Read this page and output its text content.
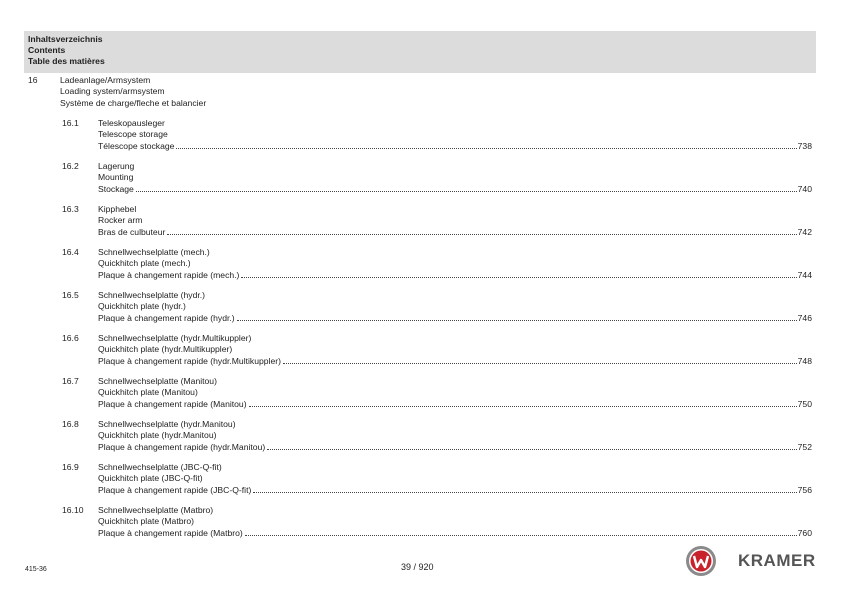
Inhaltsverzeichnis
Contents
Table des matières
16	Ladeanlage/Armsystem
Loading system/armsystem
Système de charge/fleche et balancier
16.1 Teleskopausleger
Telescope storage
Télescope stockage	738
16.2 Lagerung
Mounting
Stockage	740
16.3 Kipphebel
Rocker arm
Bras de culbuteur	742
16.4 Schnellwechselplatte (mech.)
Quickhitch plate (mech.)
Plaque à changement rapide (mech.)	744
16.5 Schnellwechselplatte (hydr.)
Quickhitch plate (hydr.)
Plaque à changement rapide (hydr.)	746
16.6 Schnellwechselplatte (hydr.Multikuppler)
Quickhitch plate (hydr.Multikuppler)
Plaque à changement rapide (hydr.Multikuppler)	748
16.7 Schnellwechselplatte (Manitou)
Quickhitch plate (Manitou)
Plaque à changement rapide (Manitou)	750
16.8 Schnellwechselplatte (hydr.Manitou)
Quickhitch plate (hydr.Manitou)
Plaque à changement rapide (hydr.Manitou)	752
16.9 Schnellwechselplatte (JBC-Q-fit)
Quickhitch plate (JBC-Q-fit)
Plaque à changement rapide (JBC-Q-fit)	756
16.10 Schnellwechselplatte (Matbro)
Quickhitch plate (Matbro)
Plaque à changement rapide (Matbro)	760
415-36	39 / 920	KRAMER
